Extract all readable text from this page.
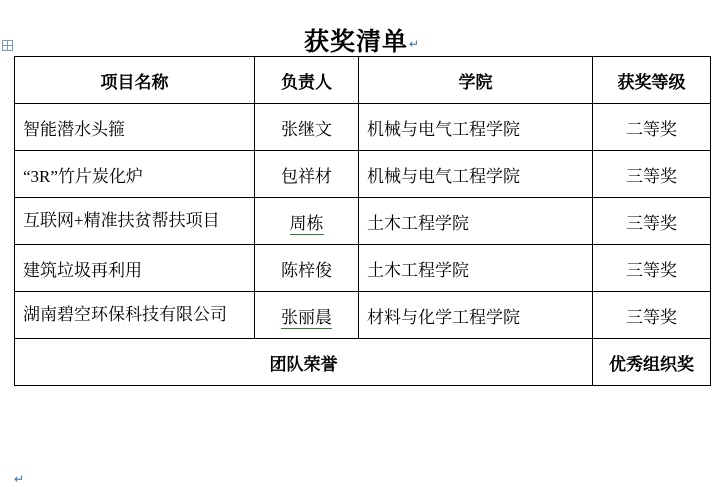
获奖清单↵
项目名称	负责人	学院	获奖等级
智能潜水头箍	张继文	机械与电气工程学院	二等奖
“3R”竹片炭化炉	包祥材	机械与电气工程学院	三等奖
互联网+精准扶贫帮扶项目	周栋	土木工程学院	三等奖
建筑垃圾再利用	陈梓俊	土木工程学院	三等奖
湖南碧空环保科技有限公司	张丽晨	材料与化学工程学院	三等奖
团队荣誉			优秀组织奖
↵
